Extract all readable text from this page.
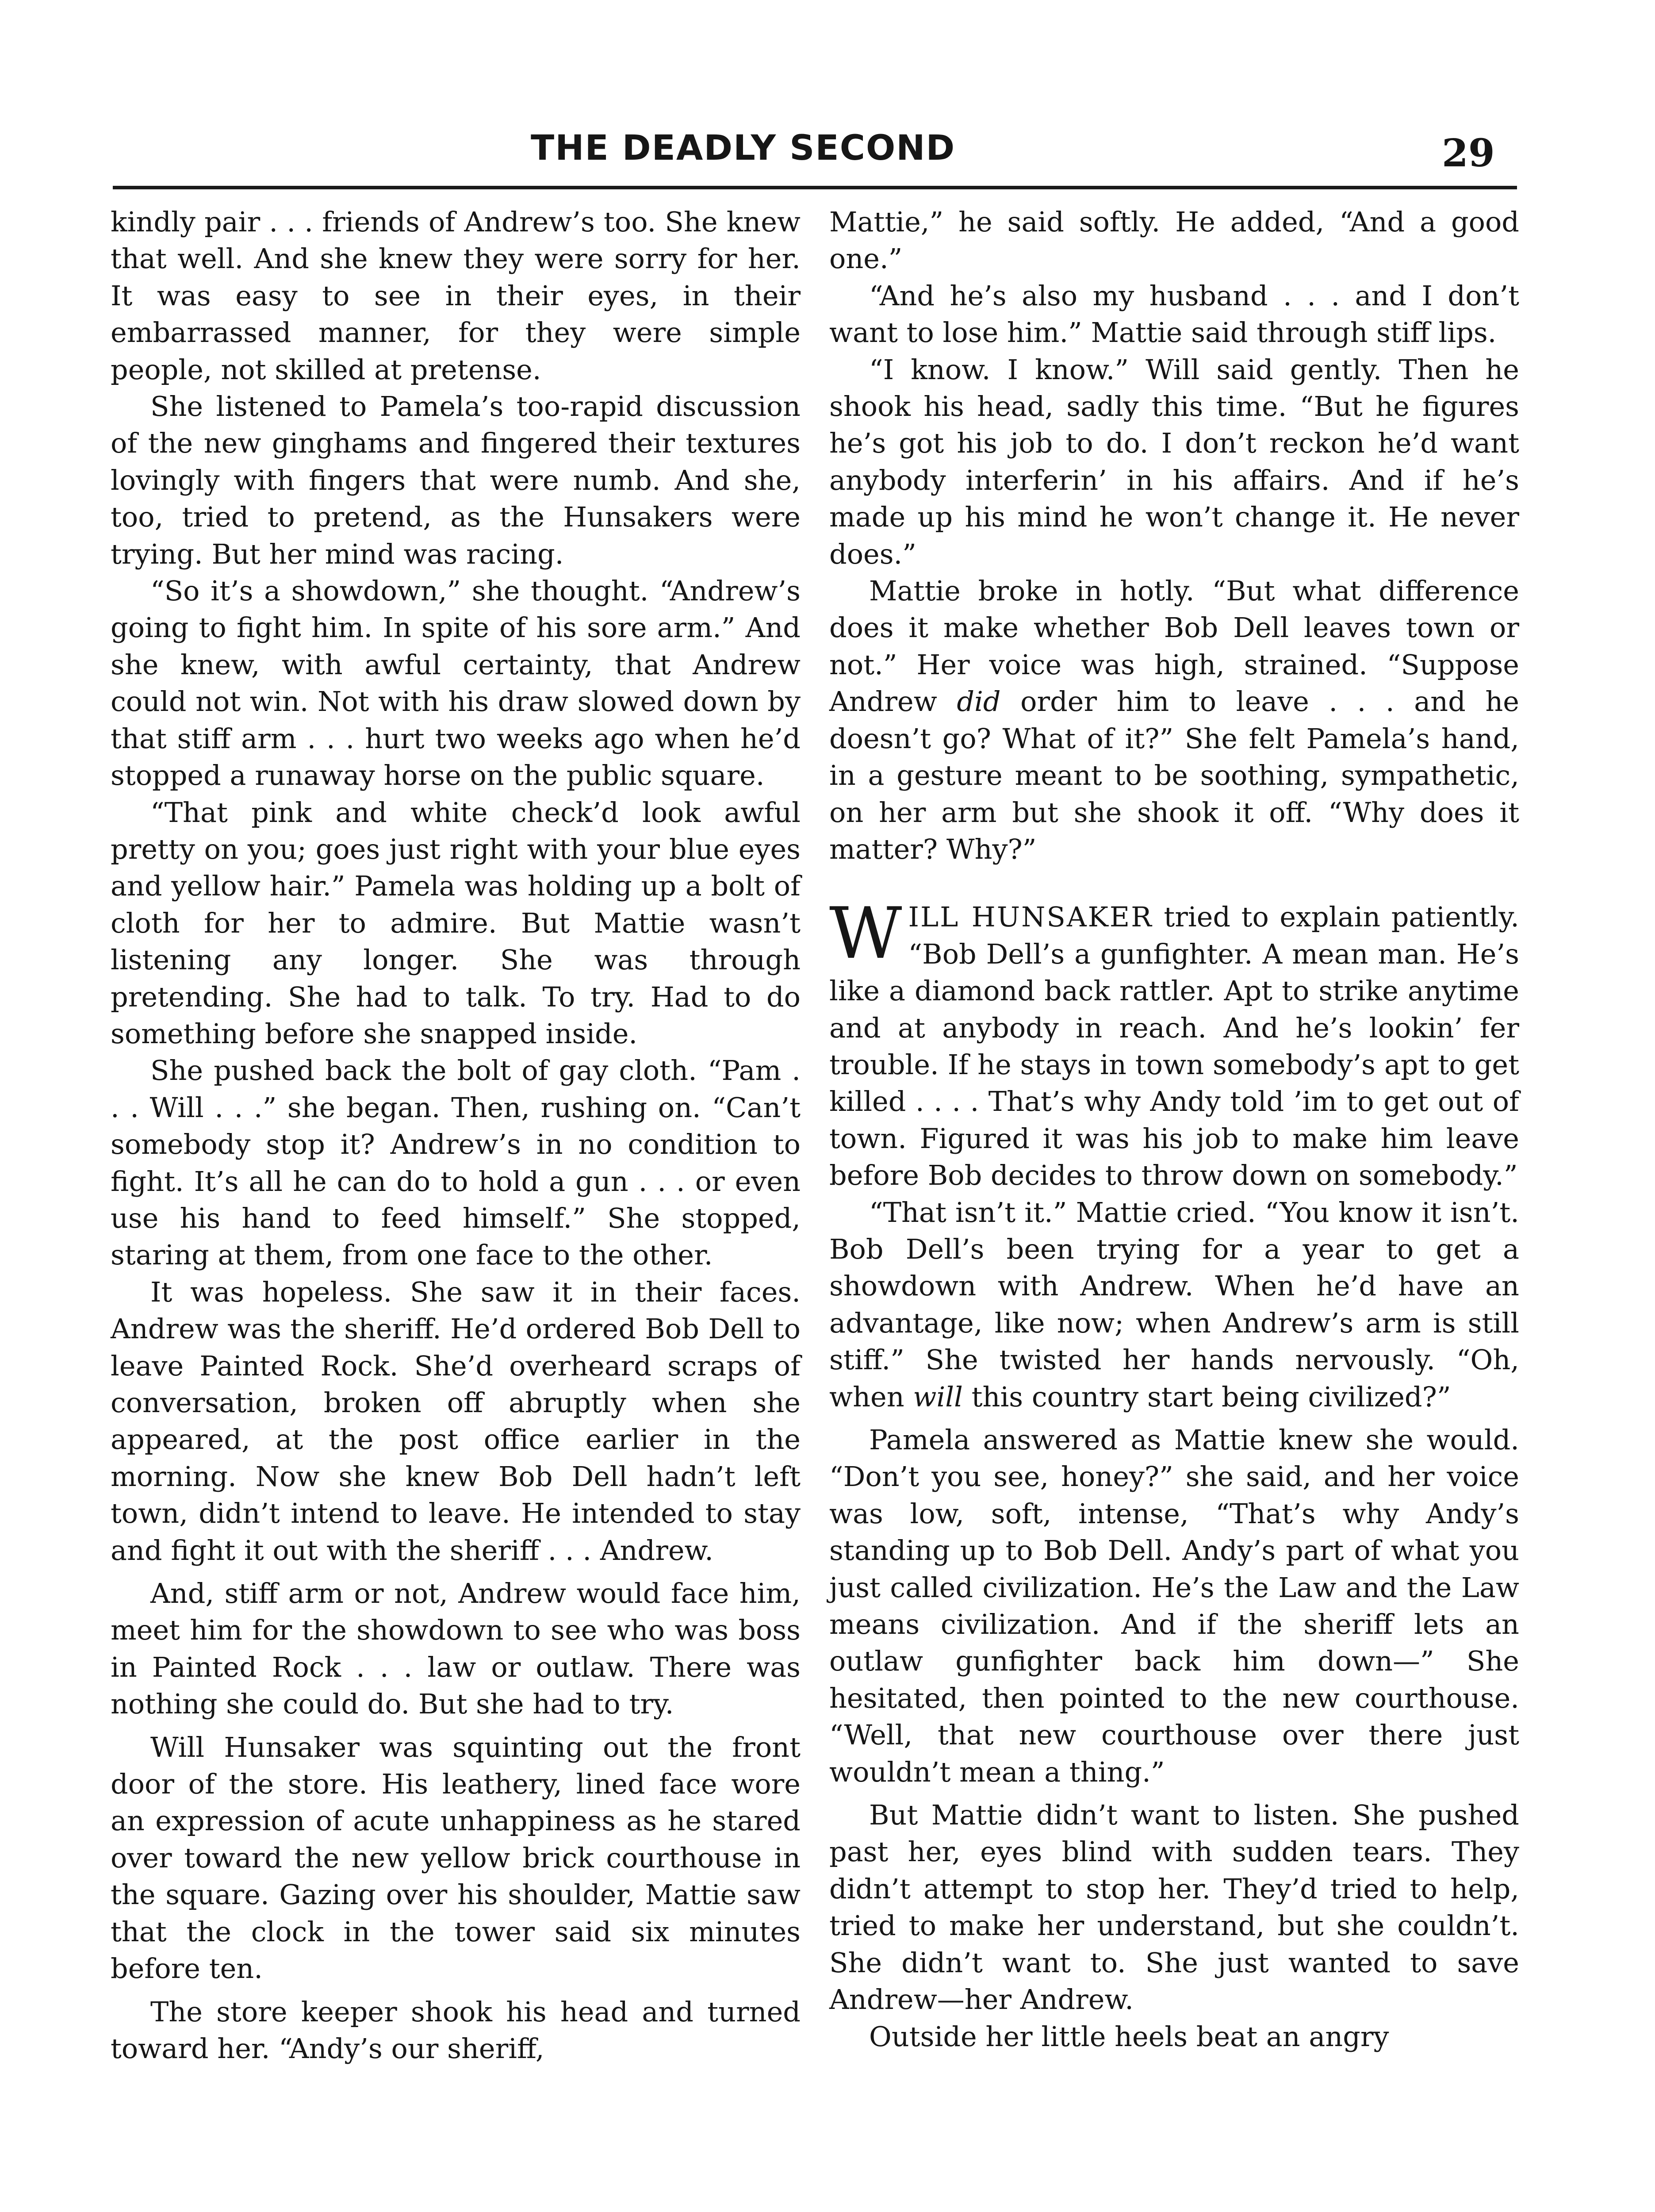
THE DEADLY SECOND	29

kindly pair . . . friends of Andrew’s too. She knew that well. And she knew they were sorry for her. It was easy to see in their eyes, in their embarrassed manner, for they were simple people, not skilled at pretense.

She listened to Pamela’s too-rapid discussion of the new ginghams and fingered their textures lovingly with fingers that were numb. And she, too, tried to pretend, as the Hunsakers were trying. But her mind was racing.

“So it’s a showdown,” she thought. “Andrew’s going to fight him. In spite of his sore arm.” And she knew, with awful certainty, that Andrew could not win. Not with his draw slowed down by that stiff arm . . . hurt two weeks ago when he’d stopped a runaway horse on the public square.

“That pink and white check’d look awful pretty on you; goes just right with your blue eyes and yellow hair.” Pamela was holding up a bolt of cloth for her to admire. But Mattie wasn’t listening any longer. She was through pretending. She had to talk. To try. Had to do something before she snapped inside.

She pushed back the bolt of gay cloth. “Pam . . . Will . . .” she began. Then, rushing on. “Can’t somebody stop it? Andrew’s in no condition to fight. It’s all he can do to hold a gun . . . or even use his hand to feed himself.” She stopped, staring at them, from one face to the other.

It was hopeless. She saw it in their faces. Andrew was the sheriff. He’d ordered Bob Dell to leave Painted Rock. She’d overheard scraps of conversation, broken off abruptly when she appeared, at the post office earlier in the morning. Now she knew Bob Dell hadn’t left town, didn’t intend to leave. He intended to stay and fight it out with the sheriff . . . Andrew.

And, stiff arm or not, Andrew would face him, meet him for the showdown to see who was boss in Painted Rock . . . law or outlaw. There was nothing she could do. But she had to try.

Will Hunsaker was squinting out the front door of the store. His leathery, lined face wore an expression of acute unhappiness as he stared over toward the new yellow brick courthouse in the square. Gazing over his shoulder, Mattie saw that the clock in the tower said six minutes before ten.

The store keeper shook his head and turned toward her. “Andy’s our sheriff,

Mattie,” he said softly. He added, “And a good one.”

“And he’s also my husband . . . and I don’t want to lose him.” Mattie said through stiff lips.

“I know. I know.” Will said gently. Then he shook his head, sadly this time. “But he figures he’s got his job to do. I don’t reckon he’d want anybody interferin’ in his affairs. And if he’s made up his mind he won’t change it. He never does.”

Mattie broke in hotly. “But what difference does it make whether Bob Dell leaves town or not.” Her voice was high, strained. “Suppose Andrew did order him to leave . . . and he doesn’t go? What of it?” She felt Pamela’s hand, in a gesture meant to be soothing, sympathetic, on her arm but she shook it off. “Why does it matter? Why?”

WILL HUNSAKER tried to explain patiently. “Bob Dell’s a gunfighter. A mean man. He’s like a diamond back rattler. Apt to strike anytime and at anybody in reach. And he’s lookin’ fer trouble. If he stays in town somebody’s apt to get killed . . . . That’s why Andy told ’im to get out of town. Figured it was his job to make him leave before Bob decides to throw down on somebody.”

“That isn’t it.” Mattie cried. “You know it isn’t. Bob Dell’s been trying for a year to get a showdown with Andrew. When he’d have an advantage, like now; when Andrew’s arm is still stiff.” She twisted her hands nervously. “Oh, when will this country start being civilized?”

Pamela answered as Mattie knew she would. “Don’t you see, honey?” she said, and her voice was low, soft, intense, “That’s why Andy’s standing up to Bob Dell. Andy’s part of what you just called civilization. He’s the Law and the Law means civilization. And if the sheriff lets an outlaw gunfighter back him down—” She hesitated, then pointed to the new courthouse. “Well, that new courthouse over there just wouldn’t mean a thing.”

But Mattie didn’t want to listen. She pushed past her, eyes blind with sudden tears. They didn’t attempt to stop her. They’d tried to help, tried to make her understand, but she couldn’t. She didn’t want to. She just wanted to save Andrew—her Andrew.

Outside her little heels beat an angry
